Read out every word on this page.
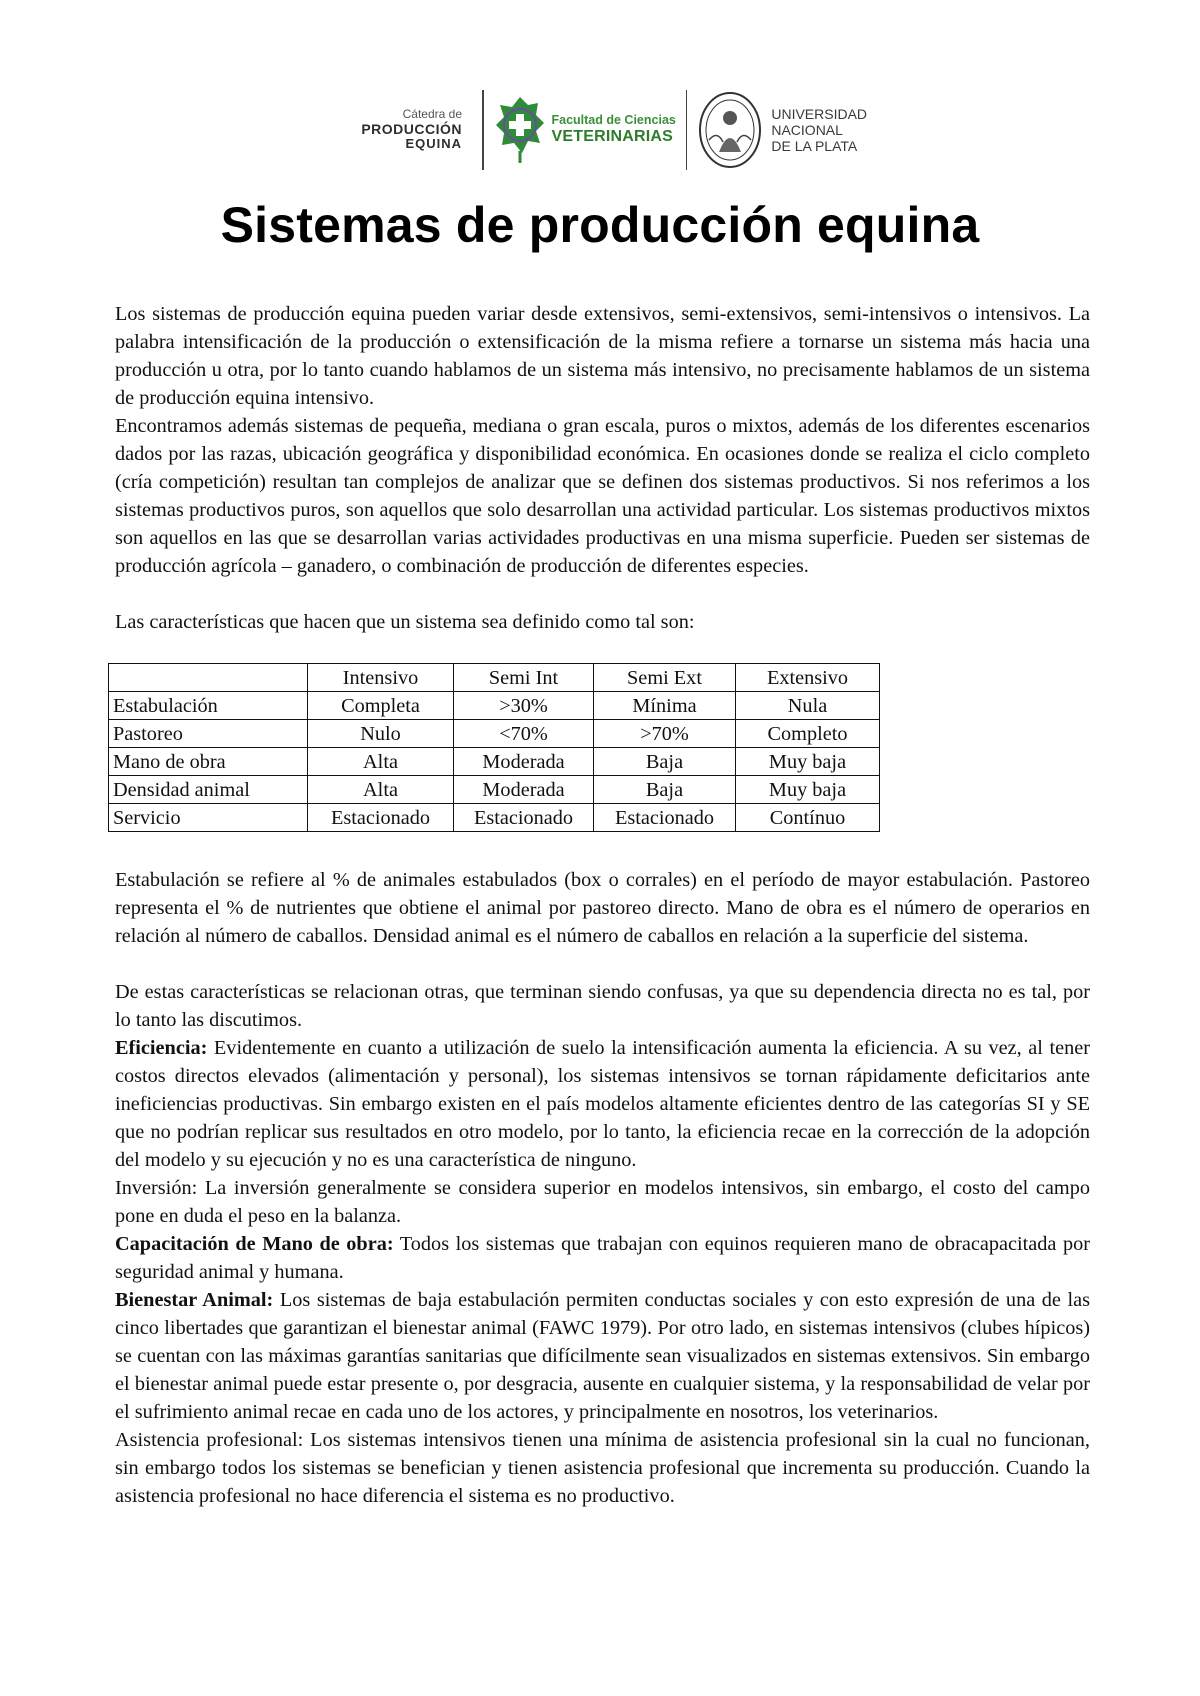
Cátedra de
PRODUCCIÓN
EQUINA
Facultad de Ciencias
VETERINARIAS
UNIVERSIDAD
NACIONAL
DE LA PLATA
Sistemas de producción equina

Los sistemas de producción equina pueden variar desde extensivos, semi-extensivos, semi-intensivos o intensivos. La palabra intensificación de la producción o extensificación de la misma refiere a tornarse un sistema más hacia una producción u otra, por lo tanto cuando hablamos de un sistema más intensivo, no precisamente hablamos de un sistema de producción equina intensivo.

Encontramos además sistemas de pequeña, mediana o gran escala, puros o mixtos, además de los diferentes escenarios dados por las razas, ubicación geográfica y disponibilidad económica. En ocasiones donde se realiza el ciclo completo (cría competición) resultan tan complejos de analizar que se definen dos sistemas productivos. Si nos referimos a los sistemas productivos puros, son aquellos que solo desarrollan una actividad particular. Los sistemas productivos mixtos son aquellos en las que se desarrollan varias actividades productivas en una misma superficie. Pueden ser sistemas de producción agrícola – ganadero, o combinación de producción de diferentes especies.

Las características que hacen que un sistema sea definido como tal son:

	Intensivo	Semi Int	Semi Ext	Extensivo
Estabulación	Completa	>30%	Mínima	Nula
Pastoreo	Nulo	<70%	>70%	Completo
Mano de obra	Alta	Moderada	Baja	Muy baja
Densidad animal	Alta	Moderada	Baja	Muy baja
Servicio	Estacionado	Estacionado	Estacionado	Contínuo

Estabulación se refiere al % de animales estabulados (box o corrales) en el período de mayor estabulación. Pastoreo representa el % de nutrientes que obtiene el animal por pastoreo directo. Mano de obra es el número de operarios en relación al número de caballos. Densidad animal es el número de caballos en relación a la superficie del sistema.

De estas características se relacionan otras, que terminan siendo confusas, ya que su dependencia directa no es tal, por lo tanto las discutimos.

Eficiencia: Evidentemente en cuanto a utilización de suelo la intensificación aumenta la eficiencia. A su vez, al tener costos directos elevados (alimentación y personal), los sistemas intensivos se tornan rápidamente deficitarios ante ineficiencias productivas. Sin embargo existen en el país modelos altamente eficientes dentro de las categorías SI y SE que no podrían replicar sus resultados en otro modelo, por lo tanto, la eficiencia recae en la corrección de la adopción del modelo y su ejecución y no es una característica de ninguno.

Inversión: La inversión generalmente se considera superior en modelos intensivos, sin embargo, el costo del campo pone en duda el peso en la balanza.

Capacitación de Mano de obra: Todos los sistemas que trabajan con equinos requieren mano de obracapacitada por seguridad animal y humana.

Bienestar Animal: Los sistemas de baja estabulación permiten conductas sociales y con esto expresión de una de las cinco libertades que garantizan el bienestar animal (FAWC 1979). Por otro lado, en sistemas intensivos (clubes hípicos) se cuentan con las máximas garantías sanitarias que difícilmente sean visualizados en sistemas extensivos. Sin embargo el bienestar animal puede estar presente o, por desgracia, ausente en cualquier sistema, y la responsabilidad de velar por el sufrimiento animal recae en cada uno de los actores, y principalmente en nosotros, los veterinarios.

Asistencia profesional: Los sistemas intensivos tienen una mínima de asistencia profesional sin la cual no funcionan, sin embargo todos los sistemas se benefician y tienen asistencia profesional que incrementa su producción. Cuando la asistencia profesional no hace diferencia el sistema es no productivo.
